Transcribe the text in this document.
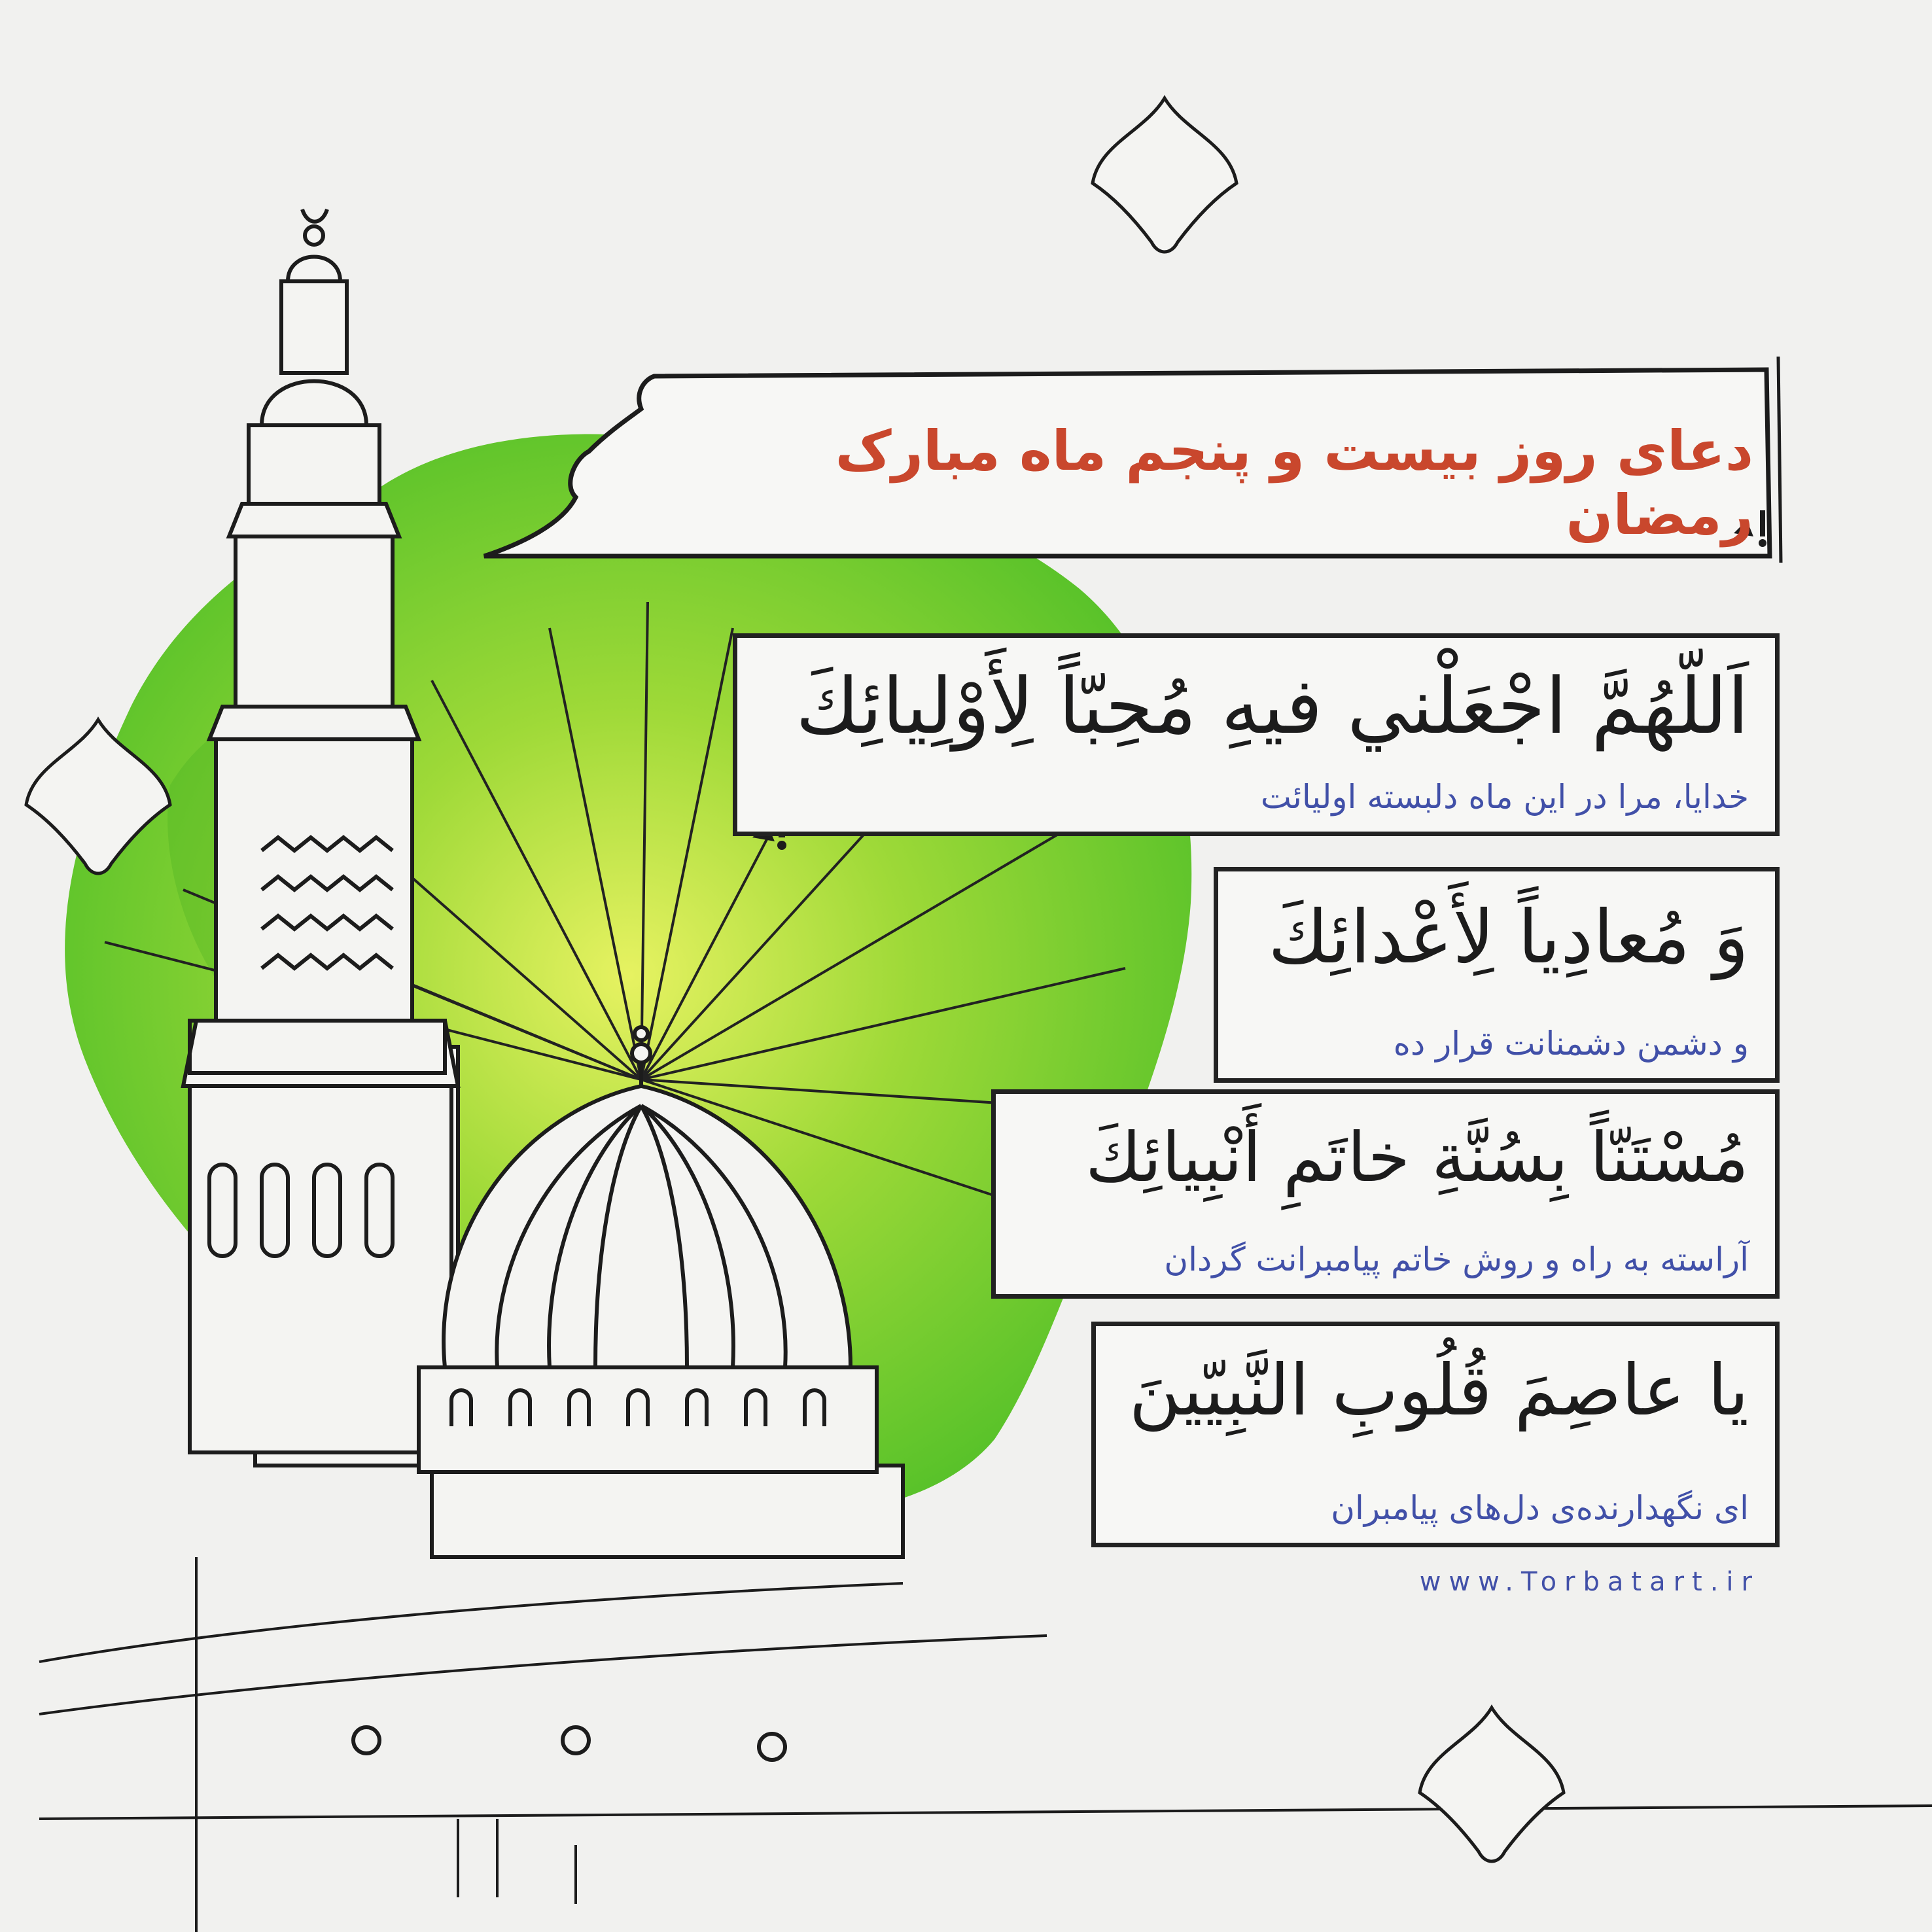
دعای روز بیست و پنجم ماه مبارک رمضان
اَللّهُمَّ اجْعَلْني فيهِ مُحِبّاً لِأَوْلِيائِكَ
خدایا، مرا در این ماه دلبسته اولیائت
وَ مُعادِياً لِأَعْدائِكَ
و دشمن دشمنانت قرار ده
مُسْتَنّاً بِسُنَّةِ خاتَمِ أَنْبِيائِكَ
آراسته به راه و روش خاتم پیامبرانت گردان
يا عاصِمَ قُلُوبِ النَّبِيّينَ
ای نگهدارنده‌ی دل‌های پیامبران
www.Torbatart.ir
